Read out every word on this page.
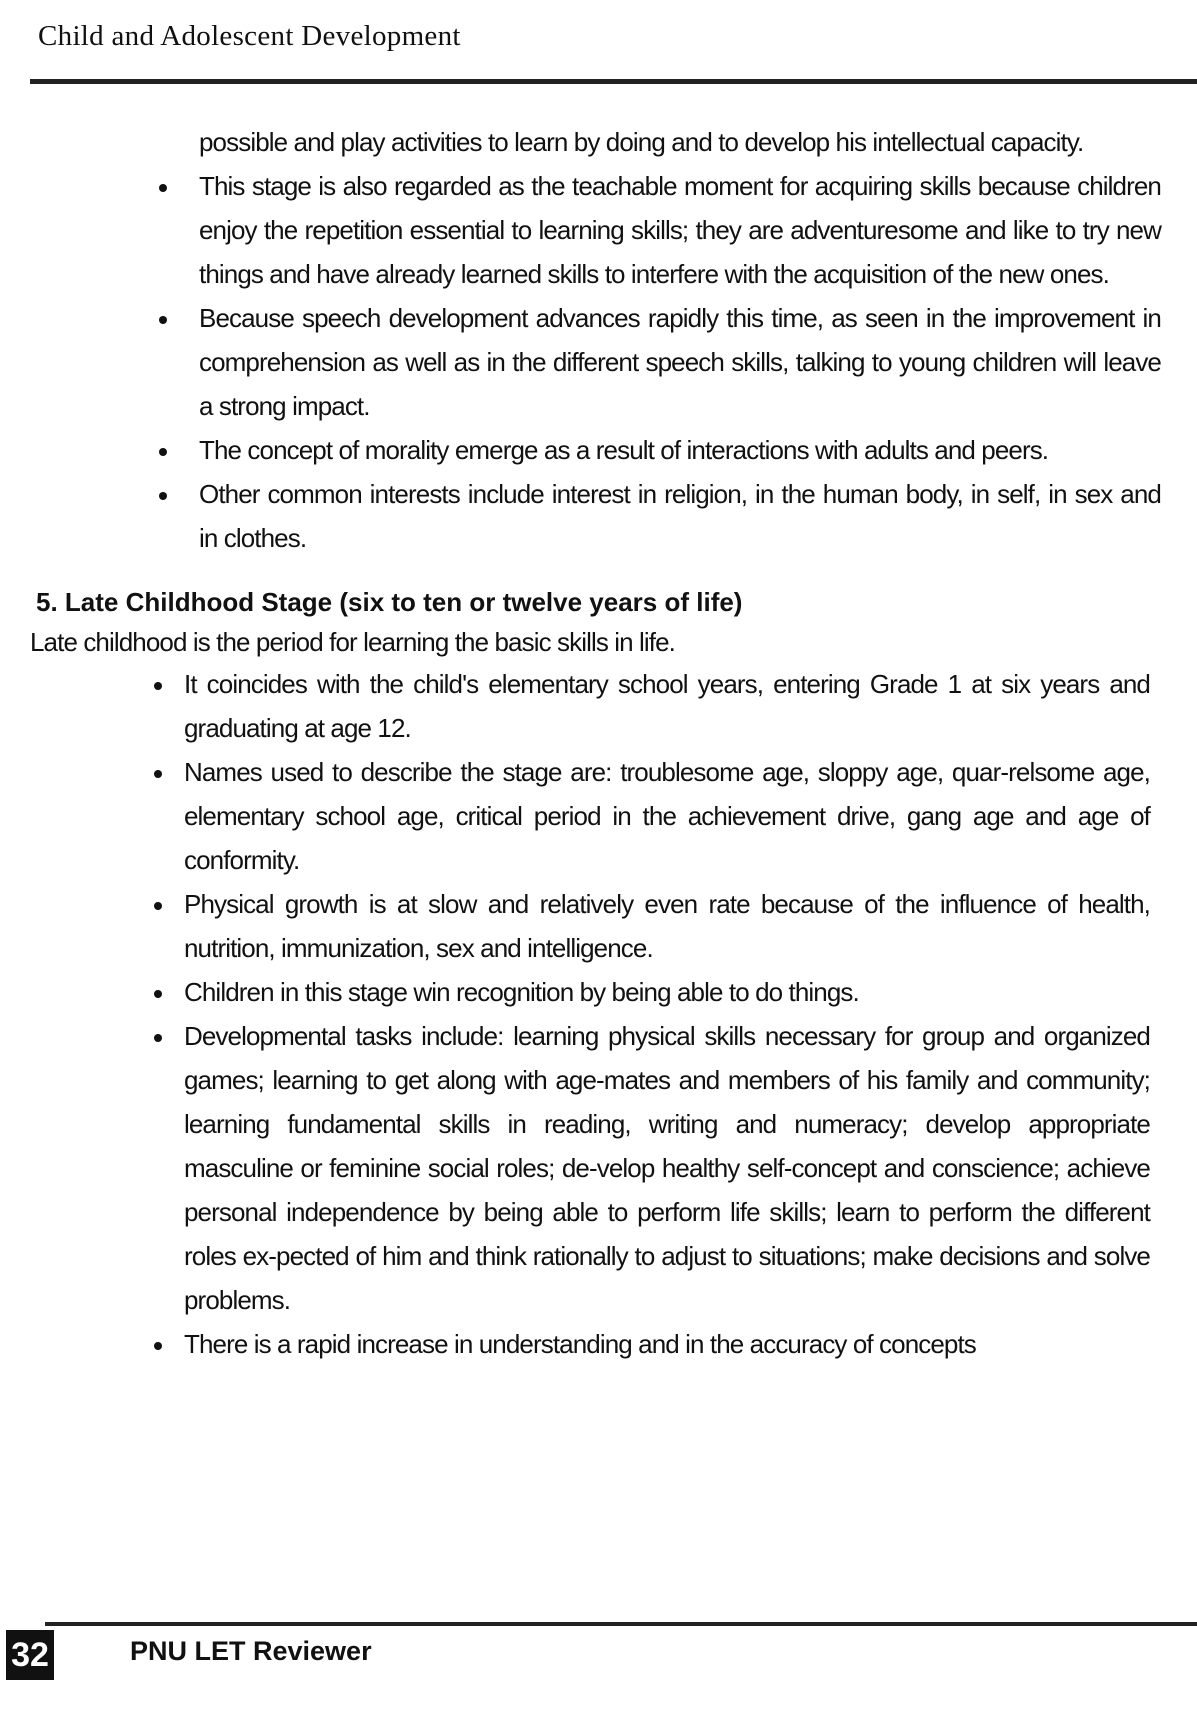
Child and Adolescent Development
possible and play activities to learn by doing and to develop his intellectual capacity.
This stage is also regarded as the teachable moment for acquiring skills because children enjoy the repetition essential to learning skills; they are adventuresome and like to try new things and have already learned skills to interfere with the acquisition of the new ones.
Because speech development advances rapidly this time, as seen in the improvement in comprehension as well as in the different speech skills, talking to young children will leave a strong impact.
The concept of morality emerge as a result of interactions with adults and peers.
Other common interests include interest in religion, in the human body, in self, in sex and in clothes.
5. Late Childhood Stage (six to ten or twelve years of life)
Late childhood is the period for learning the basic skills in life.
It coincides with the child's elementary school years, entering Grade 1 at six years and graduating at age 12.
Names used to describe the stage are: troublesome age, sloppy age, quar-relsome age, elementary school age, critical period in the achievement drive, gang age and age of conformity.
Physical growth is at slow and relatively even rate because of the influence of health, nutrition, immunization, sex and intelligence.
Children in this stage win recognition by being able to do things.
Developmental tasks include: learning physical skills necessary for group and organized games; learning to get along with age-mates and members of his family and community; learning fundamental skills in reading, writing and numeracy; develop appropriate masculine or feminine social roles; de-velop healthy self-concept and conscience; achieve personal independence by being able to perform life skills; learn to perform the different roles ex-pected of him and think rationally to adjust to situations; make decisions and solve problems.
There is a rapid increase in understanding and in the accuracy of concepts
32	PNU LET Reviewer
